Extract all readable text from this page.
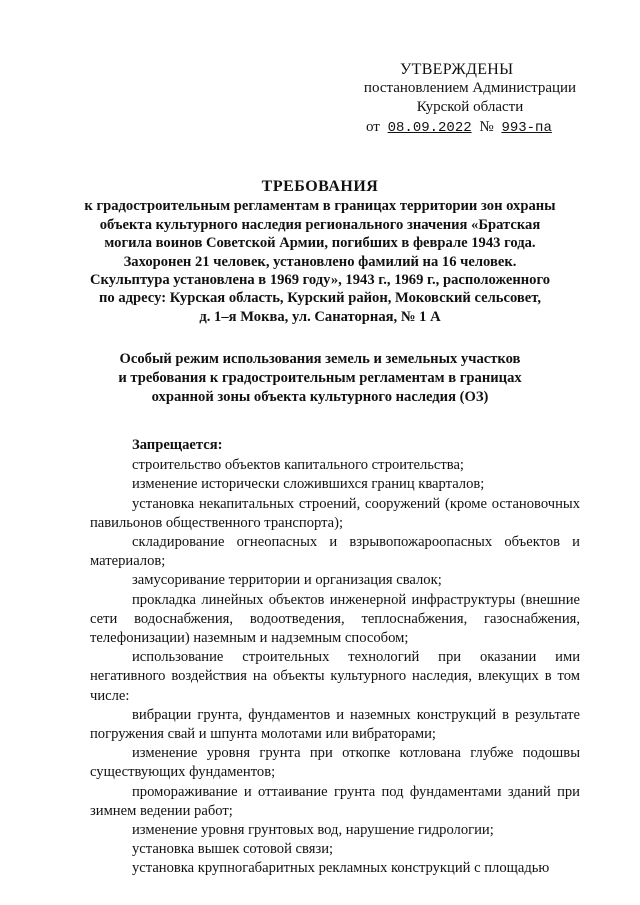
УТВЕРЖДЕНЫ
постановлением Администрации
Курской области
от 08.09.2022 № 993-па
ТРЕБОВАНИЯ
к градостроительным регламентам в границах территории зон охраны
объекта культурного наследия регионального значения «Братская
могила воинов Советской Армии, погибших в феврале 1943 года.
Захоронен 21 человек, установлено фамилий на 16 человек.
Скульптура установлена в 1969 году», 1943 г., 1969 г., расположенного
по адресу: Курская область, Курский район, Моковский сельсовет,
д. 1–я Моква, ул. Санаторная, № 1 А
Особый режим использования земель и земельных участков
и требования к градостроительным регламентам в границах
охранной зоны объекта культурного наследия (ОЗ)
Запрещается:

строительство объектов капитального строительства;

изменение исторически сложившихся границ кварталов;

установка некапитальных строений, сооружений (кроме остановочных павильонов общественного транспорта);

складирование огнеопасных и взрывопожароопасных объектов и материалов;

замусоривание территории и организация свалок;

прокладка линейных объектов инженерной инфраструктуры (внешние сети водоснабжения, водоотведения, теплоснабжения, газоснабжения, телефонизации) наземным и надземным способом;

использование строительных технологий при оказании ими негативного воздействия на объекты культурного наследия, влекущих в том числе:

вибрации грунта, фундаментов и наземных конструкций в результате погружения свай и шпунта молотами или вибраторами;

изменение уровня грунта при откопке котлована глубже подошвы существующих фундаментов;

промораживание и оттаивание грунта под фундаментами зданий при зимнем ведении работ;

изменение уровня грунтовых вод, нарушение гидрологии;

установка вышек сотовой связи;

установка крупногабаритных рекламных конструкций с площадью
